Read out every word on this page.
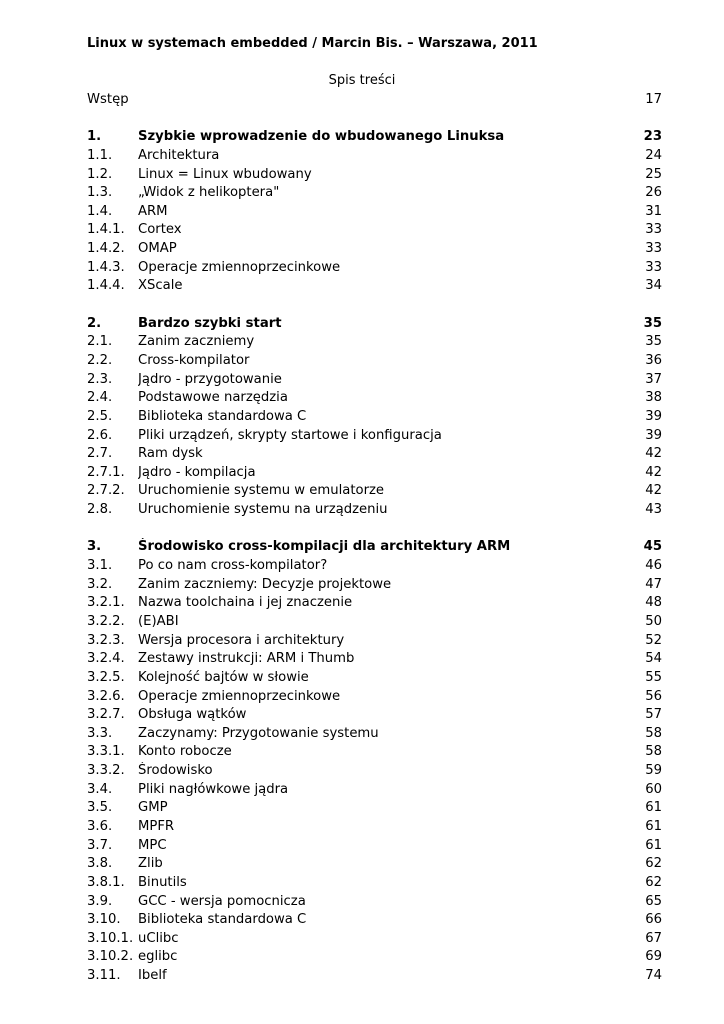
Linux w systemach embedded / Marcin Bis. – Warszawa, 2011
Spis treści
Wstęp	17
1.	Szybkie wprowadzenie do wbudowanego Linuksa	23
1.1.	Architektura	24
1.2.	Linux = Linux wbudowany	25
1.3.	„Widok z helikoptera"	26
1.4.	ARM	31
1.4.1.	Cortex	33
1.4.2.	OMAP	33
1.4.3.	Operacje zmiennoprzecinkowe	33
1.4.4.	XScale	34
2.	Bardzo szybki start	35
2.1.	Zanim zaczniemy	35
2.2.	Cross-kompilator	36
2.3.	Jądro - przygotowanie	37
2.4.	Podstawowe narzędzia	38
2.5.	Biblioteka standardowa C	39
2.6.	Pliki urządzeń, skrypty startowe i konfiguracja	39
2.7.	Ram dysk	42
2.7.1.	Jądro - kompilacja	42
2.7.2.	Uruchomienie systemu w emulatorze	42
2.8.	Uruchomienie systemu na urządzeniu	43
3.	Środowisko cross-kompilacji dla architektury ARM	45
3.1.	Po co nam cross-kompilator?	46
3.2.	Zanim zaczniemy: Decyzje projektowe	47
3.2.1.	Nazwa toolchaina i jej znaczenie	48
3.2.2.	(E)ABI	50
3.2.3.	Wersja procesora i architektury	52
3.2.4.	Zestawy instrukcji: ARM i Thumb	54
3.2.5.	Kolejność bajtów w słowie	55
3.2.6.	Operacje zmiennoprzecinkowe	56
3.2.7.	Obsługa wątków	57
3.3.	Zaczynamy: Przygotowanie systemu	58
3.3.1.	Konto robocze	58
3.3.2.	Środowisko	59
3.4.	Pliki nagłówkowe jądra	60
3.5.	GMP	61
3.6.	MPFR	61
3.7.	MPC	61
3.8.	Zlib	62
3.8.1.	Binutils	62
3.9.	GCC - wersja pomocnicza	65
3.10.	Biblioteka standardowa C	66
3.10.1. uClibc	67
3.10.2. eglibc	69
3.11.	Ibelf	74
